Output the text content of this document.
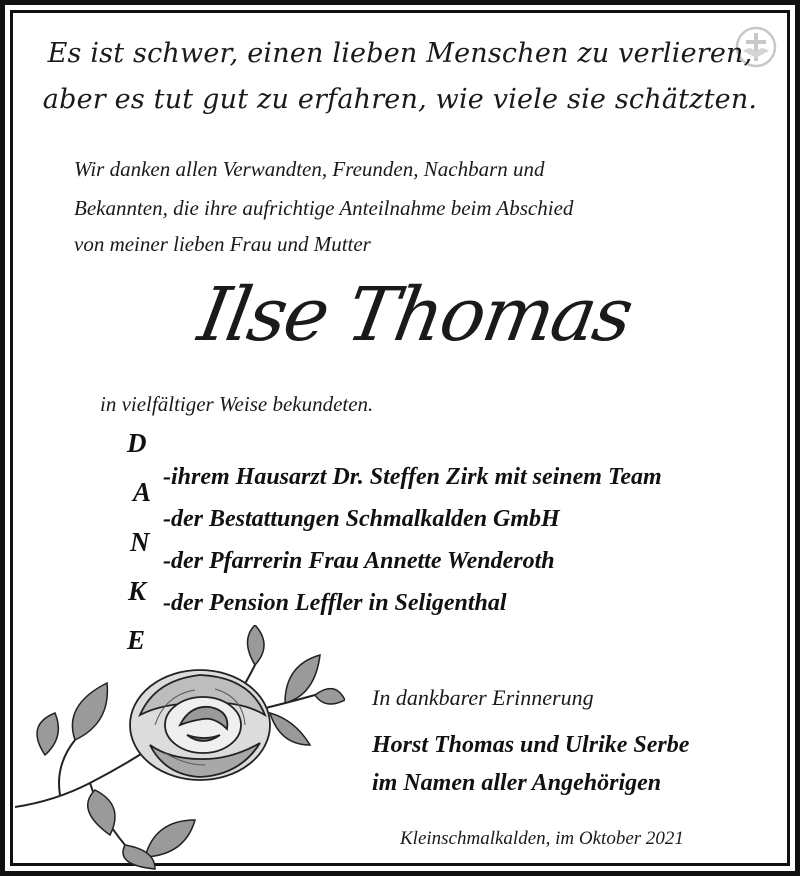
Es ist schwer, einen lieben Menschen zu verlieren,
aber es tut gut zu erfahren, wie viele sie schätzten.
Wir danken allen Verwandten, Freunden, Nachbarn und
Bekannten, die ihre aufrichtige Anteilnahme beim Abschied
von meiner lieben Frau und Mutter
Ilse Thomas
in vielfältiger Weise bekundeten.
D
A
N
K
E
-ihrem Hausarzt Dr. Steffen Zirk mit seinem Team
-der Bestattungen Schmalkalden GmbH
-der Pfarrerin Frau Annette Wenderoth
-der Pension Leffler in Seligenthal
In dankbarer Erinnerung
Horst Thomas und Ulrike Serbe
im Namen aller Angehörigen
Kleinschmalkalden, im Oktober 2021
